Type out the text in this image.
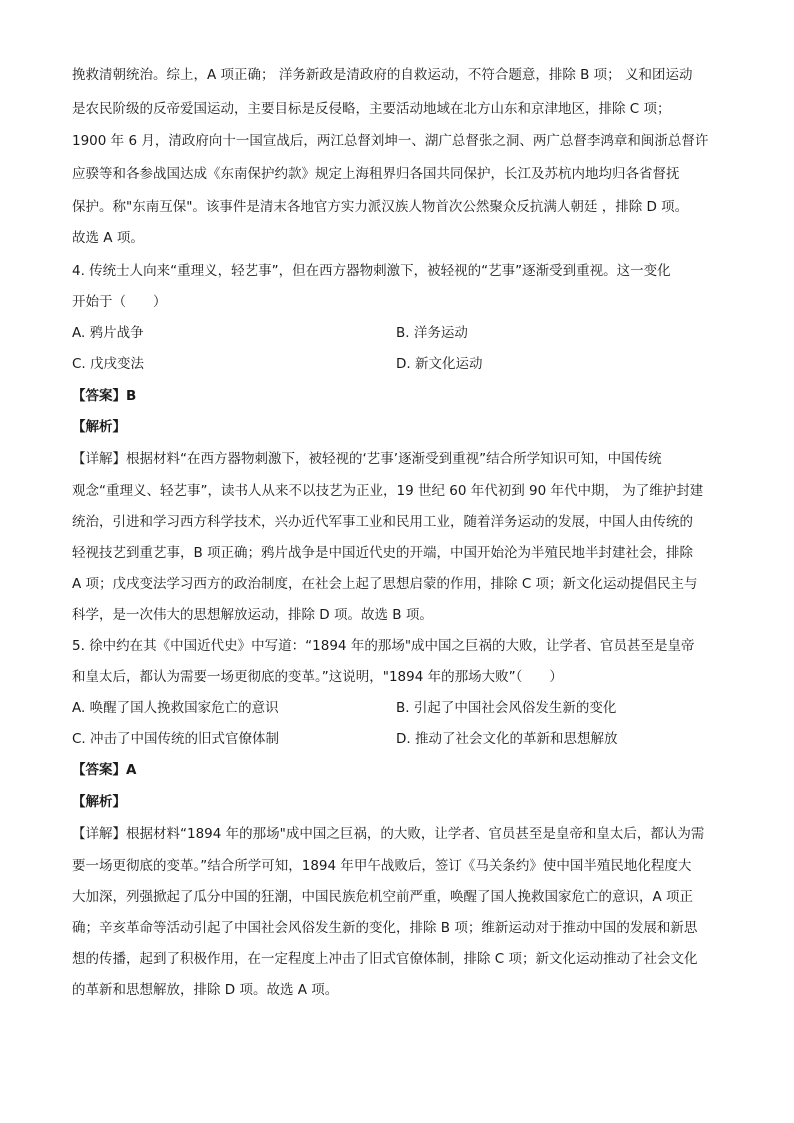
挽救清朝统治。综上，A 项正确； 洋务新政是清政府的自救运动，不符合题意，排除 B 项； 义和团运动
是农民阶级的反帝爱国运动，主要目标是反侵略，主要活动地域在北方山东和京津地区，排除 C 项；
1900 年 6 月，清政府向十一国宣战后，两江总督刘坤一、湖广总督张之洞、两广总督李鸿章和闽浙总督许
应骙等和各参战国达成《东南保护约款》规定上海租界归各国共同保护，长江及苏杭内地均归各省督抚
保护。称"东南互保"。该事件是清末各地官方实力派汉族人物首次公然聚众反抗满人朝廷 ，排除 D 项。
故选 A 项。
4. 传统士人向来“重理义，轻艺事”，但在西方器物刺激下，被轻视的“艺事”逐渐受到重视。这一变化
开始于（　　）
A. 鸦片战争	B. 洋务运动
C. 戊戌变法	D. 新文化运动
【答案】B
【解析】
【详解】根据材料“在西方器物刺激下，被轻视的‘艺事’逐渐受到重视”结合所学知识可知，中国传统
观念“重理义、轻艺事”，读书人从来不以技艺为正业，19 世纪 60 年代初到 90 年代中期， 为了维护封建
统治，引进和学习西方科学技术，兴办近代军事工业和民用工业，随着洋务运动的发展，中国人由传统的
轻视技艺到重艺事，B 项正确；鸦片战争是中国近代史的开端，中国开始沦为半殖民地半封建社会，排除
A 项；戊戌变法学习西方的政治制度，在社会上起了思想启蒙的作用，排除 C 项；新文化运动提倡民主与
科学，是一次伟大的思想解放运动，排除 D 项。故选 B 项。
5. 徐中约在其《中国近代史》中写道：“1894 年的那场"成中国之巨祸的大败，让学者、官员甚至是皇帝
和皇太后，都认为需要一场更彻底的变革。”这说明，"1894 年的那场大败”（　　）
A. 唤醒了国人挽救国家危亡的意识	B. 引起了中国社会风俗发生新的变化
C. 冲击了中国传统的旧式官僚体制	D. 推动了社会文化的革新和思想解放
【答案】A
【解析】
【详解】根据材料“1894 年的那场"成中国之巨祸，的大败，让学者、官员甚至是皇帝和皇太后，都认为需
要一场更彻底的变革。”结合所学可知，1894 年甲午战败后，签订《马关条约》使中国半殖民地化程度大
大加深，列强掀起了瓜分中国的狂潮，中国民族危机空前严重，唤醒了国人挽救国家危亡的意识，A 项正
确；辛亥革命等活动引起了中国社会风俗发生新的变化，排除 B 项；维新运动对于推动中国的发展和新思
想的传播，起到了积极作用，在一定程度上冲击了旧式官僚体制，排除 C 项；新文化运动推动了社会文化
的革新和思想解放，排除 D 项。故选 A 项。
